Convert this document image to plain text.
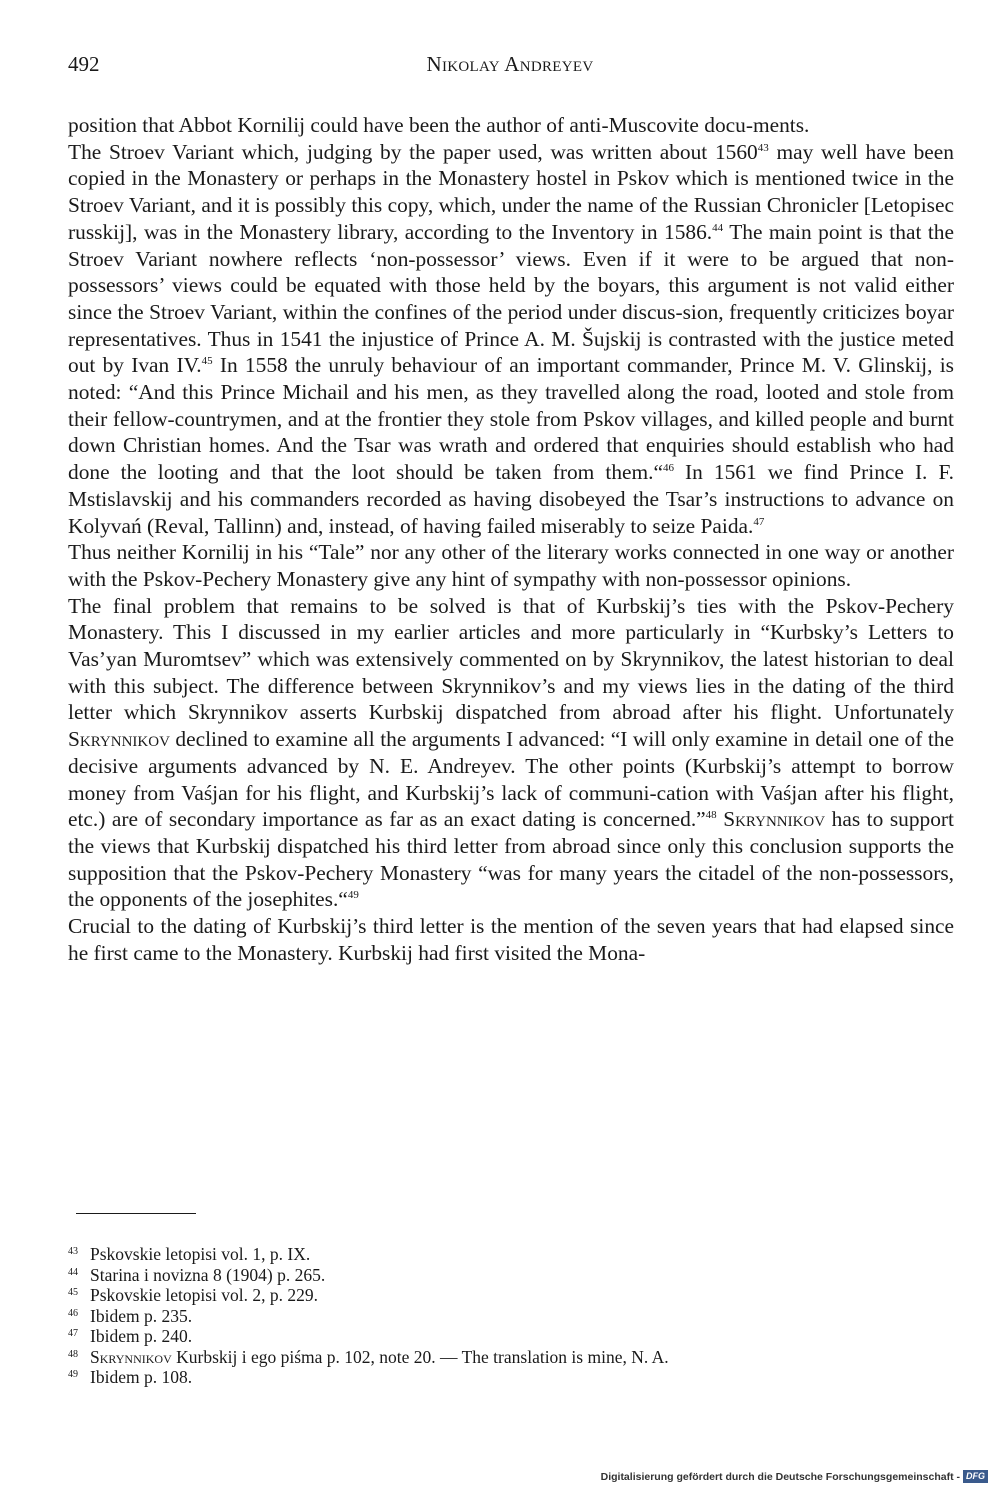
492	Nikolay Andreyev

position that Abbot Kornilij could have been the author of anti-Muscovite docu-ments.

The Stroev Variant which, judging by the paper used, was written about 1560$^{43}$ may well have been copied in the Monastery or perhaps in the Monastery hostel in Pskov which is mentioned twice in the Stroev Variant, and it is possibly this copy, which, under the name of the Russian Chronicler [Letopisec russkij], was in the Monastery library, according to the Inventory in 1586.44 The main point is that the Stroev Variant nowhere reflects ‘non-possessor’ views. Even if it were to be argued that non-possessors’ views could be equated with those held by the boyars, this argument is not valid either since the Stroev Variant, within the confines of the period under discus-sion, frequently criticizes boyar representatives. Thus in 1541 the injustice of Prince A. M. Šujskij is contrasted with the justice meted out by Ivan IV.$^{45}$ In 1558 the unruly behaviour of an important commander, Prince M. V. Glinskij, is noted: “And this Prince Michail and his men, as they travelled along the road, looted and stole from their fellow-countrymen, and at the frontier they stole from Pskov villages, and killed people and burnt down Christian homes. And the Tsar was wrath and ordered that enquiries should establish who had done the looting and that the loot should be taken from them.“$^{46}$ In 1561 we find Prince I. F. Mstislavskij and his commanders recorded as having disobeyed the Tsar’s instructions to advance on Kolyvań (Reval, Tallinn) and, instead, of having failed miserably to seize Paida.$^{47}$

Thus neither Kornilij in his “Tale” nor any other of the literary works connected in one way or another with the Pskov-Pechery Monastery give any hint of sympathy with non-possessor opinions.

The final problem that remains to be solved is that of Kurbskij’s ties with the Pskov-Pechery Monastery. This I discussed in my earlier articles and more particularly in “Kurbsky’s Letters to Vas’yan Muromtsev” which was extensively commented on by Skrynnikov, the latest historian to deal with this subject. The difference between Skrynnikov’s and my views lies in the dating of the third letter which Skrynnikov asserts Kurbskij dispatched from abroad after his flight. Unfortunately Skrynnikov declined to examine all the arguments I advanced: “I will only examine in detail one of the decisive arguments advanced by N. E. Andreyev. The other points (Kurbskij’s attempt to borrow money from Vaśjan for his flight, and Kurbskij’s lack of communi-cation with Vaśjan after his flight, etc.) are of secondary importance as far as an exact dating is concerned.”$^{48}$ Skrynnikov has to support the views that Kurbskij dispatched his third letter from abroad since only this conclusion supports the supposition that the Pskov-Pechery Monastery “was for many years the citadel of the non-possessors, the opponents of the josephites.“$^{49}$

Crucial to the dating of Kurbskij’s third letter is the mention of the seven years that had elapsed since he first came to the Monastery. Kurbskij had first visited the Mona-

43 Pskovskie letopisi vol. 1, p. IX.
44 Starina i novizna 8 (1904) p. 265.
45 Pskovskie letopisi vol. 2, p. 229.
46 Ibidem p. 235.
47 Ibidem p. 240.
48 Skrynnikov Kurbskij i ego piśma p. 102, note 20. — The translation is mine, N. A.
49 Ibidem p. 108.
Digitalisierung gefördert durch die Deutsche Forschungsgemeinschaft - DFG
